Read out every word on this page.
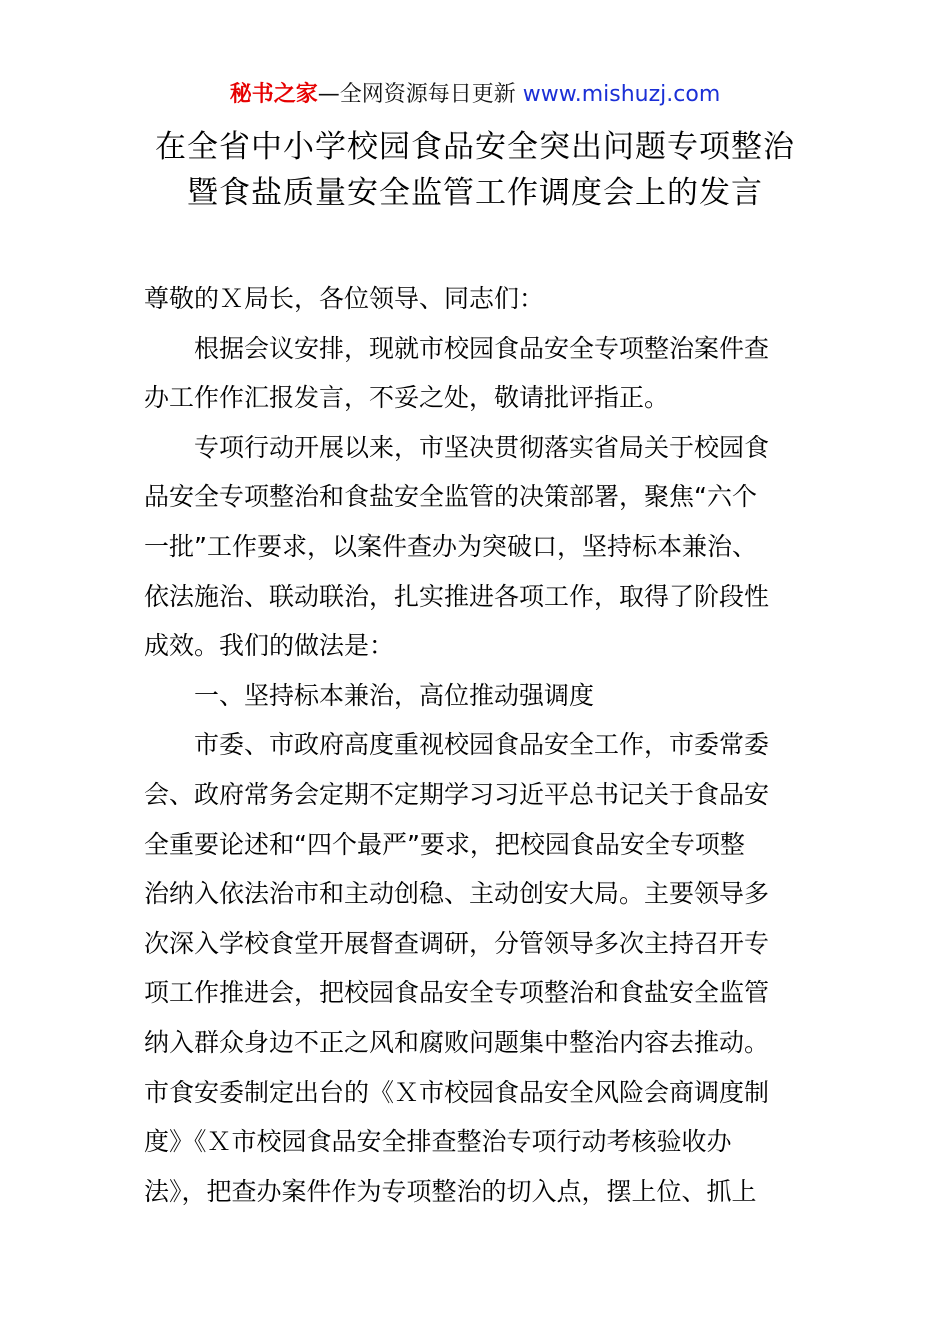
秘书之家—全网资源每日更新 www.mishuzj.com
在全省中小学校园食品安全突出问题专项整治
暨食盐质量安全监管工作调度会上的发言
尊敬的Ｘ局长，各位领导、同志们：
根据会议安排，现就市校园食品安全专项整治案件查
办工作作汇报发言，不妥之处，敬请批评指正。
专项行动开展以来，市坚决贯彻落实省局关于校园食
品安全专项整治和食盐安全监管的决策部署，聚焦“六个
一批”工作要求，以案件查办为突破口，坚持标本兼治、
依法施治、联动联治，扎实推进各项工作，取得了阶段性
成效。我们的做法是：
一、坚持标本兼治，高位推动强调度
市委、市政府高度重视校园食品安全工作，市委常委
会、政府常务会定期不定期学习习近平总书记关于食品安
全重要论述和“四个最严”要求，把校园食品安全专项整
治纳入依法治市和主动创稳、主动创安大局。主要领导多
次深入学校食堂开展督查调研，分管领导多次主持召开专
项工作推进会，把校园食品安全专项整治和食盐安全监管
纳入群众身边不正之风和腐败问题集中整治内容去推动。
市食安委制定出台的《Ｘ市校园食品安全风险会商调度制
度》《Ｘ市校园食品安全排查整治专项行动考核验收办
法》，把查办案件作为专项整治的切入点，摆上位、抓上
